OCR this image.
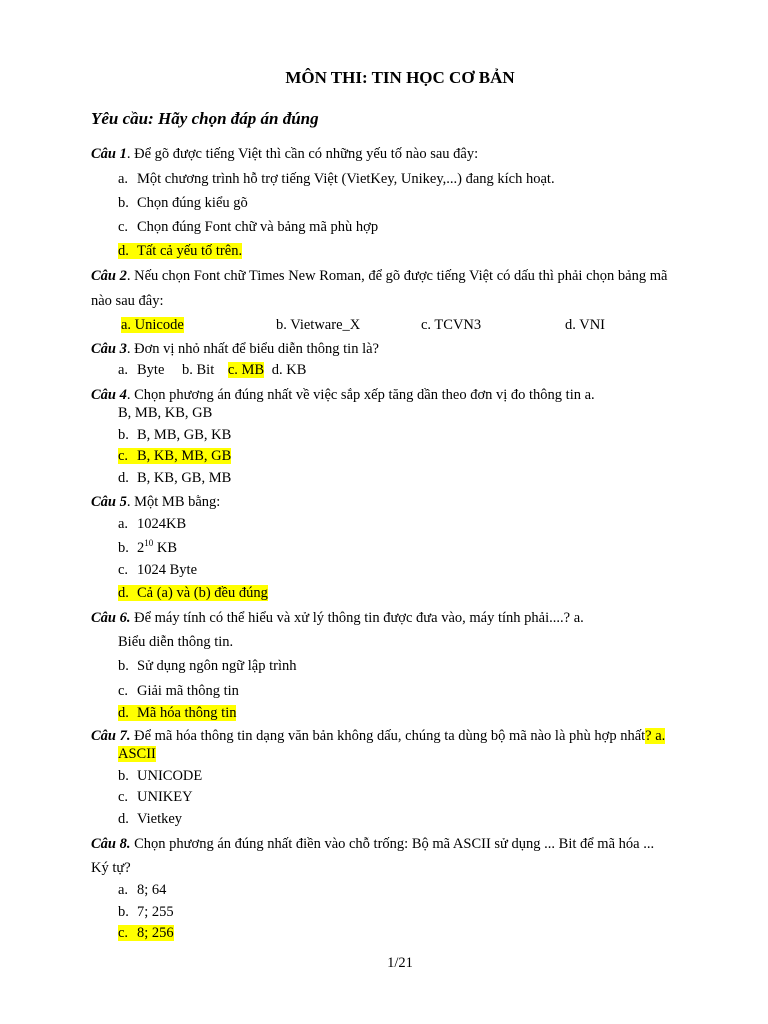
MÔN THI: TIN HỌC CƠ BẢN
Yêu cầu: Hãy chọn đáp án đúng
Câu 1. Để gõ được tiếng Việt thì cần có những yếu tố nào sau đây:
a. Một chương trình hỗ trợ tiếng Việt (VietKey, Unikey,...) đang kích hoạt.
b. Chọn đúng kiểu gõ
c. Chọn đúng Font chữ và bảng mã phù hợp
d. Tất cả yếu tố trên.
Câu 2. Nếu chọn Font chữ Times New Roman, để gõ được tiếng Việt có dấu thì phải chọn bảng mã
nào sau đây:
a. Unicode	b. Vietware_X	c. TCVN3	d. VNI
Câu 3. Đơn vị nhỏ nhất để biểu diễn thông tin là?
a. Byte b. Bit c. MB d. KB
Câu 4. Chọn phương án đúng nhất về việc sắp xếp tăng dần theo đơn vị đo thông tin a.
B, MB, KB, GB
b. B, MB, GB, KB
c. B, KB, MB, GB
d. B, KB, GB, MB
Câu 5. Một MB bằng:
a. 1024KB
b. $2^{10}$ KB
c. 1024 Byte
d. Cả (a) và (b) đều đúng
Câu 6. Để máy tính có thể hiểu và xử lý thông tin được đưa vào, máy tính phải....? a.
Biểu diễn thông tin.
b. Sử dụng ngôn ngữ lập trình
c. Giải mã thông tin
d. Mã hóa thông tin
Câu 7. Để mã hóa thông tin dạng văn bản không dấu, chúng ta dùng bộ mã nào là phù hợp nhất? a.
ASCII
b. UNICODE
c. UNIKEY
d. Vietkey
Câu 8. Chọn phương án đúng nhất điền vào chỗ trống: Bộ mã ASCII sử dụng ... Bit để mã hóa ...
Ký tự?
a. 8; 64
b. 7; 255
c. 8; 256
1/21
